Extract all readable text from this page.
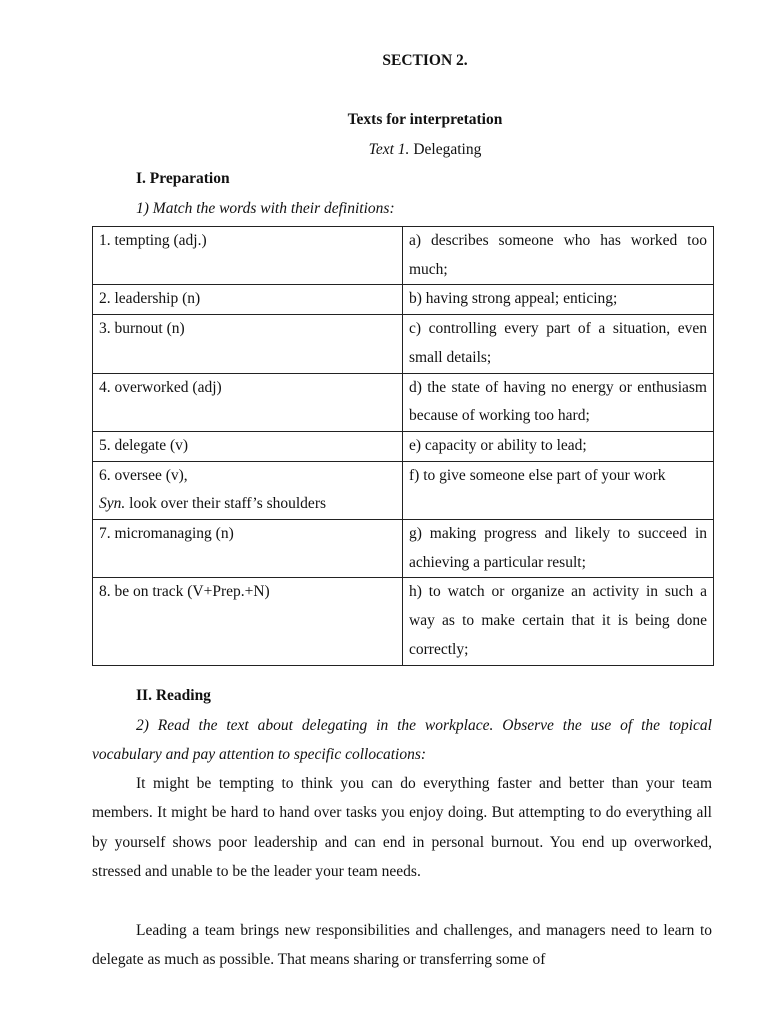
SECTION 2.
Texts for interpretation
Text 1. Delegating
I. Preparation
1) Match the words with their definitions:
1. tempting (adj.)	a) describes someone who has worked too much;
2. leadership (n)	b) having strong appeal; enticing;
3. burnout (n)	c) controlling every part of a situation, even small details;
4. overworked (adj)	d) the state of having no energy or enthusiasm because of working too hard;
5. delegate (v)	e) capacity or ability to lead;

6. oversee (v),
Syn. look over their staff’s shoulders	f) to give someone else part of your work
7. micromanaging (n)	g) making progress and likely to succeed in achieving a particular result;
8. be on track (V+Prep.+N)	h) to watch or organize an activity in such a way as to make certain that it is being done correctly;
II. Reading
2) Read the text about delegating in the workplace. Observe the use of the topical vocabulary and pay attention to specific collocations:
It might be tempting to think you can do everything faster and better than your team members. It might be hard to hand over tasks you enjoy doing. But attempting to do everything all by yourself shows poor leadership and can end in personal burnout. You end up overworked, stressed and unable to be the leader your team needs.
Leading a team brings new responsibilities and challenges, and managers need to learn to delegate as much as possible. That means sharing or transferring some of
